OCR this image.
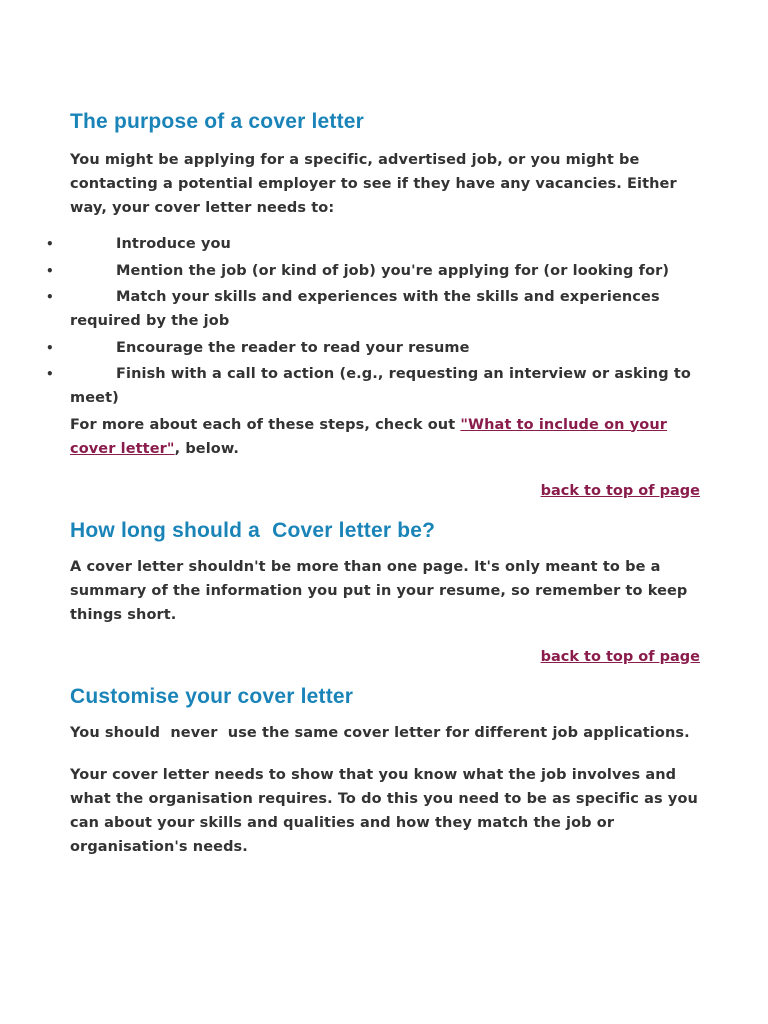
The purpose of a cover letter

You might be applying for a specific, advertised job, or you might be contacting a potential employer to see if they have any vacancies. Either way, your cover letter needs to:

•	Introduce you
•	Mention the job (or kind of job) you're applying for (or looking for)
•	Match your skills and experiences with the skills and experiences required by the job
•	Encourage the reader to read your resume
•	Finish with a call to action (e.g., requesting an interview or asking to meet)

For more about each of these steps, check out "What to include on your cover letter", below.

back to top of page
How long should a  Cover letter be?

A cover letter shouldn't be more than one page. It's only meant to be a summary of the information you put in your resume, so remember to keep things short.

back to top of page
Customise your cover letter

You should  never  use the same cover letter for different job applications.

Your cover letter needs to show that you know what the job involves and what the organisation requires. To do this you need to be as specific as you can about your skills and qualities and how they match the job or organisation's needs.
